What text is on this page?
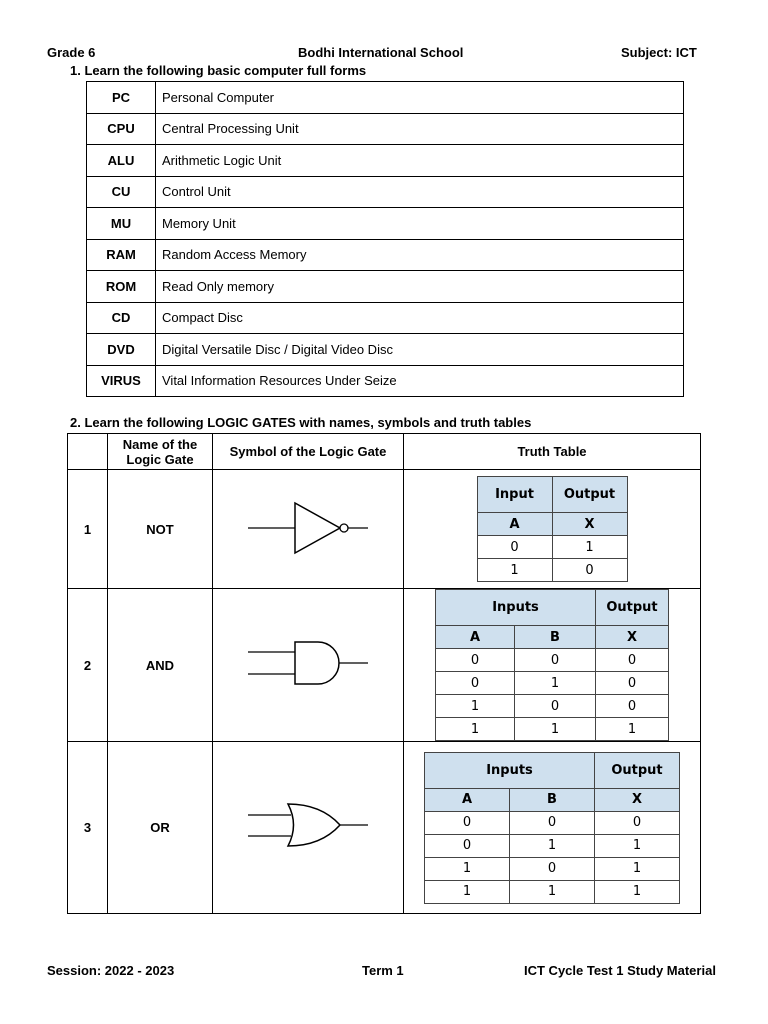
Grade 6	Bodhi International School	Subject: ICT
1. Learn the following basic computer full forms
PC	Personal Computer
CPU	Central Processing Unit
ALU	Arithmetic Logic Unit
CU	Control Unit
MU	Memory Unit
RAM	Random Access Memory
ROM	Read Only memory
CD	Compact Disc
DVD	Digital Versatile Disc / Digital Video Disc
VIRUS	Vital Information Resources Under Seize
2. Learn the following LOGIC GATES with names, symbols and truth tables
	Name of the Logic Gate	Symbol of the Logic Gate	Truth Table
1	NOT		
Input	Output
A	X
0	1
1	0

2	AND		
Inputs	Output
A	B	X
0	0	0
0	1	0
1	0	0
1	1	1

3	OR		
Inputs	Output
A	B	X
0	0	0
0	1	1
1	0	1
1	1	1
Session: 2022 - 2023	Term 1	ICT Cycle Test 1 Study Material
